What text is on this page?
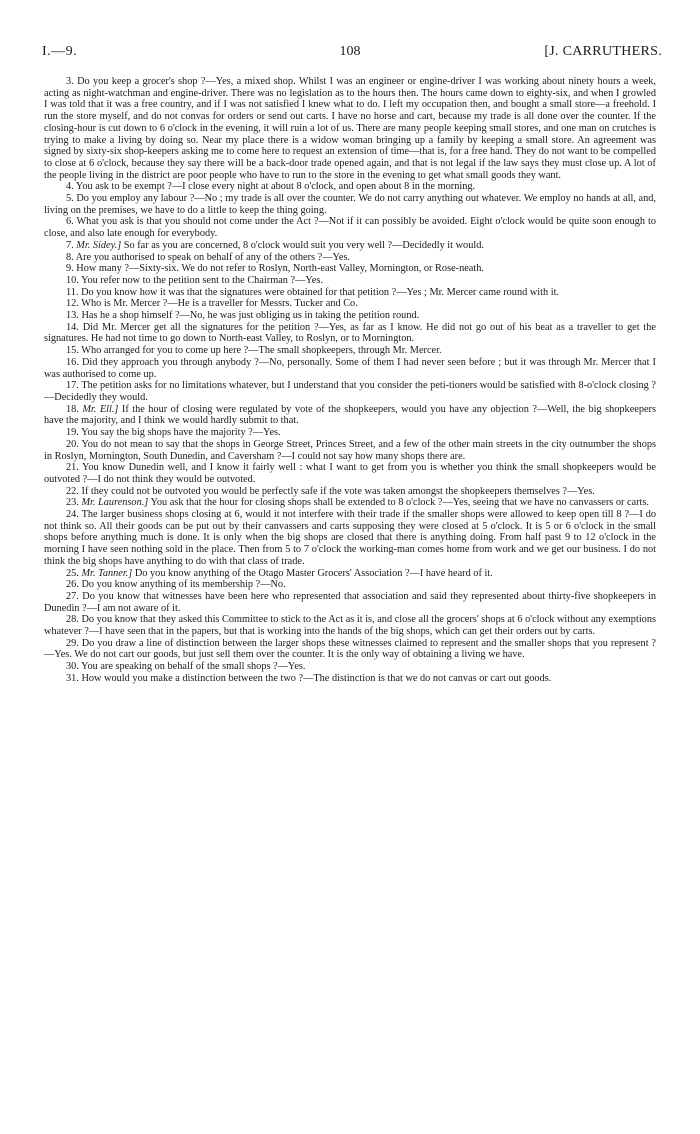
I.—9.	108	[J. CARRUTHERS.

3. Do you keep a grocer's shop ?—Yes, a mixed shop. Whilst I was an engineer or engine-driver I was working about ninety hours a week, acting as night-watchman and engine-driver. There was no legislation as to the hours then. The hours came down to eighty-six, and when I growled I was told that it was a free country, and if I was not satisfied I knew what to do. I left my occupation then, and bought a small store—a freehold. I run the store myself, and do not convas for orders or send out carts. I have no horse and cart, because my trade is all done over the counter. If the closing-hour is cut down to 6 o'clock in the evening, it will ruin a lot of us. There are many people keeping small stores, and one man on crutches is trying to make a living by doing so. Near my place there is a widow woman bringing up a family by keeping a small store. An agreement was signed by sixty-six shop-keepers asking me to come here to request an extension of time—that is, for a free hand. They do not want to be compelled to close at 6 o'clock, because they say there will be a back-door trade opened again, and that is not legal if the law says they must close up. A lot of the people living in the district are poor people who have to run to the store in the evening to get what small goods they want.

4. You ask to be exempt ?—I close every night at about 8 o'clock, and open about 8 in the morning.

5. Do you employ any labour ?—No ; my trade is all over the counter. We do not carry anything out whatever. We employ no hands at all, and, living on the premises, we have to do a little to keep the thing going.

6. What you ask is that you should not come under the Act ?—Not if it can possibly be avoided. Eight o'clock would be quite soon enough to close, and also late enough for everybody.

7. Mr. Sidey.] So far as you are concerned, 8 o'clock would suit you very well ?—Decidedly it would.

8. Are you authorised to speak on behalf of any of the others ?—Yes.

9. How many ?—Sixty-six. We do not refer to Roslyn, North-east Valley, Mornington, or Rose-neath.

10. You refer now to the petition sent to the Chairman ?—Yes.

11. Do you know how it was that the signatures were obtained for that petition ?—Yes ; Mr. Mercer came round with it.

12. Who is Mr. Mercer ?—He is a traveller for Messrs. Tucker and Co.

13. Has he a shop himself ?—No, he was just obliging us in taking the petition round.

14. Did Mr. Mercer get all the signatures for the petition ?—Yes, as far as I know. He did not go out of his beat as a traveller to get the signatures. He had not time to go down to North-east Valley, to Roslyn, or to Mornington.

15. Who arranged for you to come up here ?—The small shopkeepers, through Mr. Mercer.

16. Did they approach you through anybody ?—No, personally. Some of them I had never seen before ; but it was through Mr. Mercer that I was authorised to come up.

17. The petition asks for no limitations whatever, but I understand that you consider the peti-tioners would be satisfied with 8-o'clock closing ?—Decidedly they would.

18. Mr. Ell.] If the hour of closing were regulated by vote of the shopkeepers, would you have any objection ?—Well, the big shopkeepers have the majority, and I think we would hardly submit to that.

19. You say the big shops have the majority ?—Yes.

20. You do not mean to say that the shops in George Street, Princes Street, and a few of the other main streets in the city outnumber the shops in Roslyn, Mornington, South Dunedin, and Caversham ?—I could not say how many shops there are.

21. You know Dunedin well, and I know it fairly well : what I want to get from you is whether you think the small shopkeepers would be outvoted ?—I do not think they would be outvoted.

22. If they could not be outvoted you would be perfectly safe if the vote was taken amongst the shopkeepers themselves ?—Yes.

23. Mr. Laurenson.] You ask that the hour for closing shops shall be extended to 8 o'clock ?—Yes, seeing that we have no canvassers or carts.

24. The larger business shops closing at 6, would it not interfere with their trade if the smaller shops were allowed to keep open till 8 ?—I do not think so. All their goods can be put out by their canvassers and carts supposing they were closed at 5 o'clock. It is 5 or 6 o'clock in the small shops before anything much is done. It is only when the big shops are closed that there is anything doing. From half past 9 to 12 o'clock in the morning I have seen nothing sold in the place. Then from 5 to 7 o'clock the working-man comes home from work and we get our business. I do not think the big shops have anything to do with that class of trade.

25. Mr. Tanner.] Do you know anything of the Otago Master Grocers' Association ?—I have heard of it.

26. Do you know anything of its membership ?—No.

27. Do you know that witnesses have been here who represented that association and said they represented about thirty-five shopkeepers in Dunedin ?—I am not aware of it.

28. Do you know that they asked this Committee to stick to the Act as it is, and close all the grocers' shops at 6 o'clock without any exemptions whatever ?—I have seen that in the papers, but that is working into the hands of the big shops, which can get their orders out by carts.

29. Do you draw a line of distinction between the larger shops these witnesses claimed to represent and the smaller shops that you represent ?—Yes. We do not cart our goods, but just sell them over the counter. It is the only way of obtaining a living we have.

30. You are speaking on behalf of the small shops ?—Yes.

31. How would you make a distinction between the two ?—The distinction is that we do not canvas or cart out goods.
